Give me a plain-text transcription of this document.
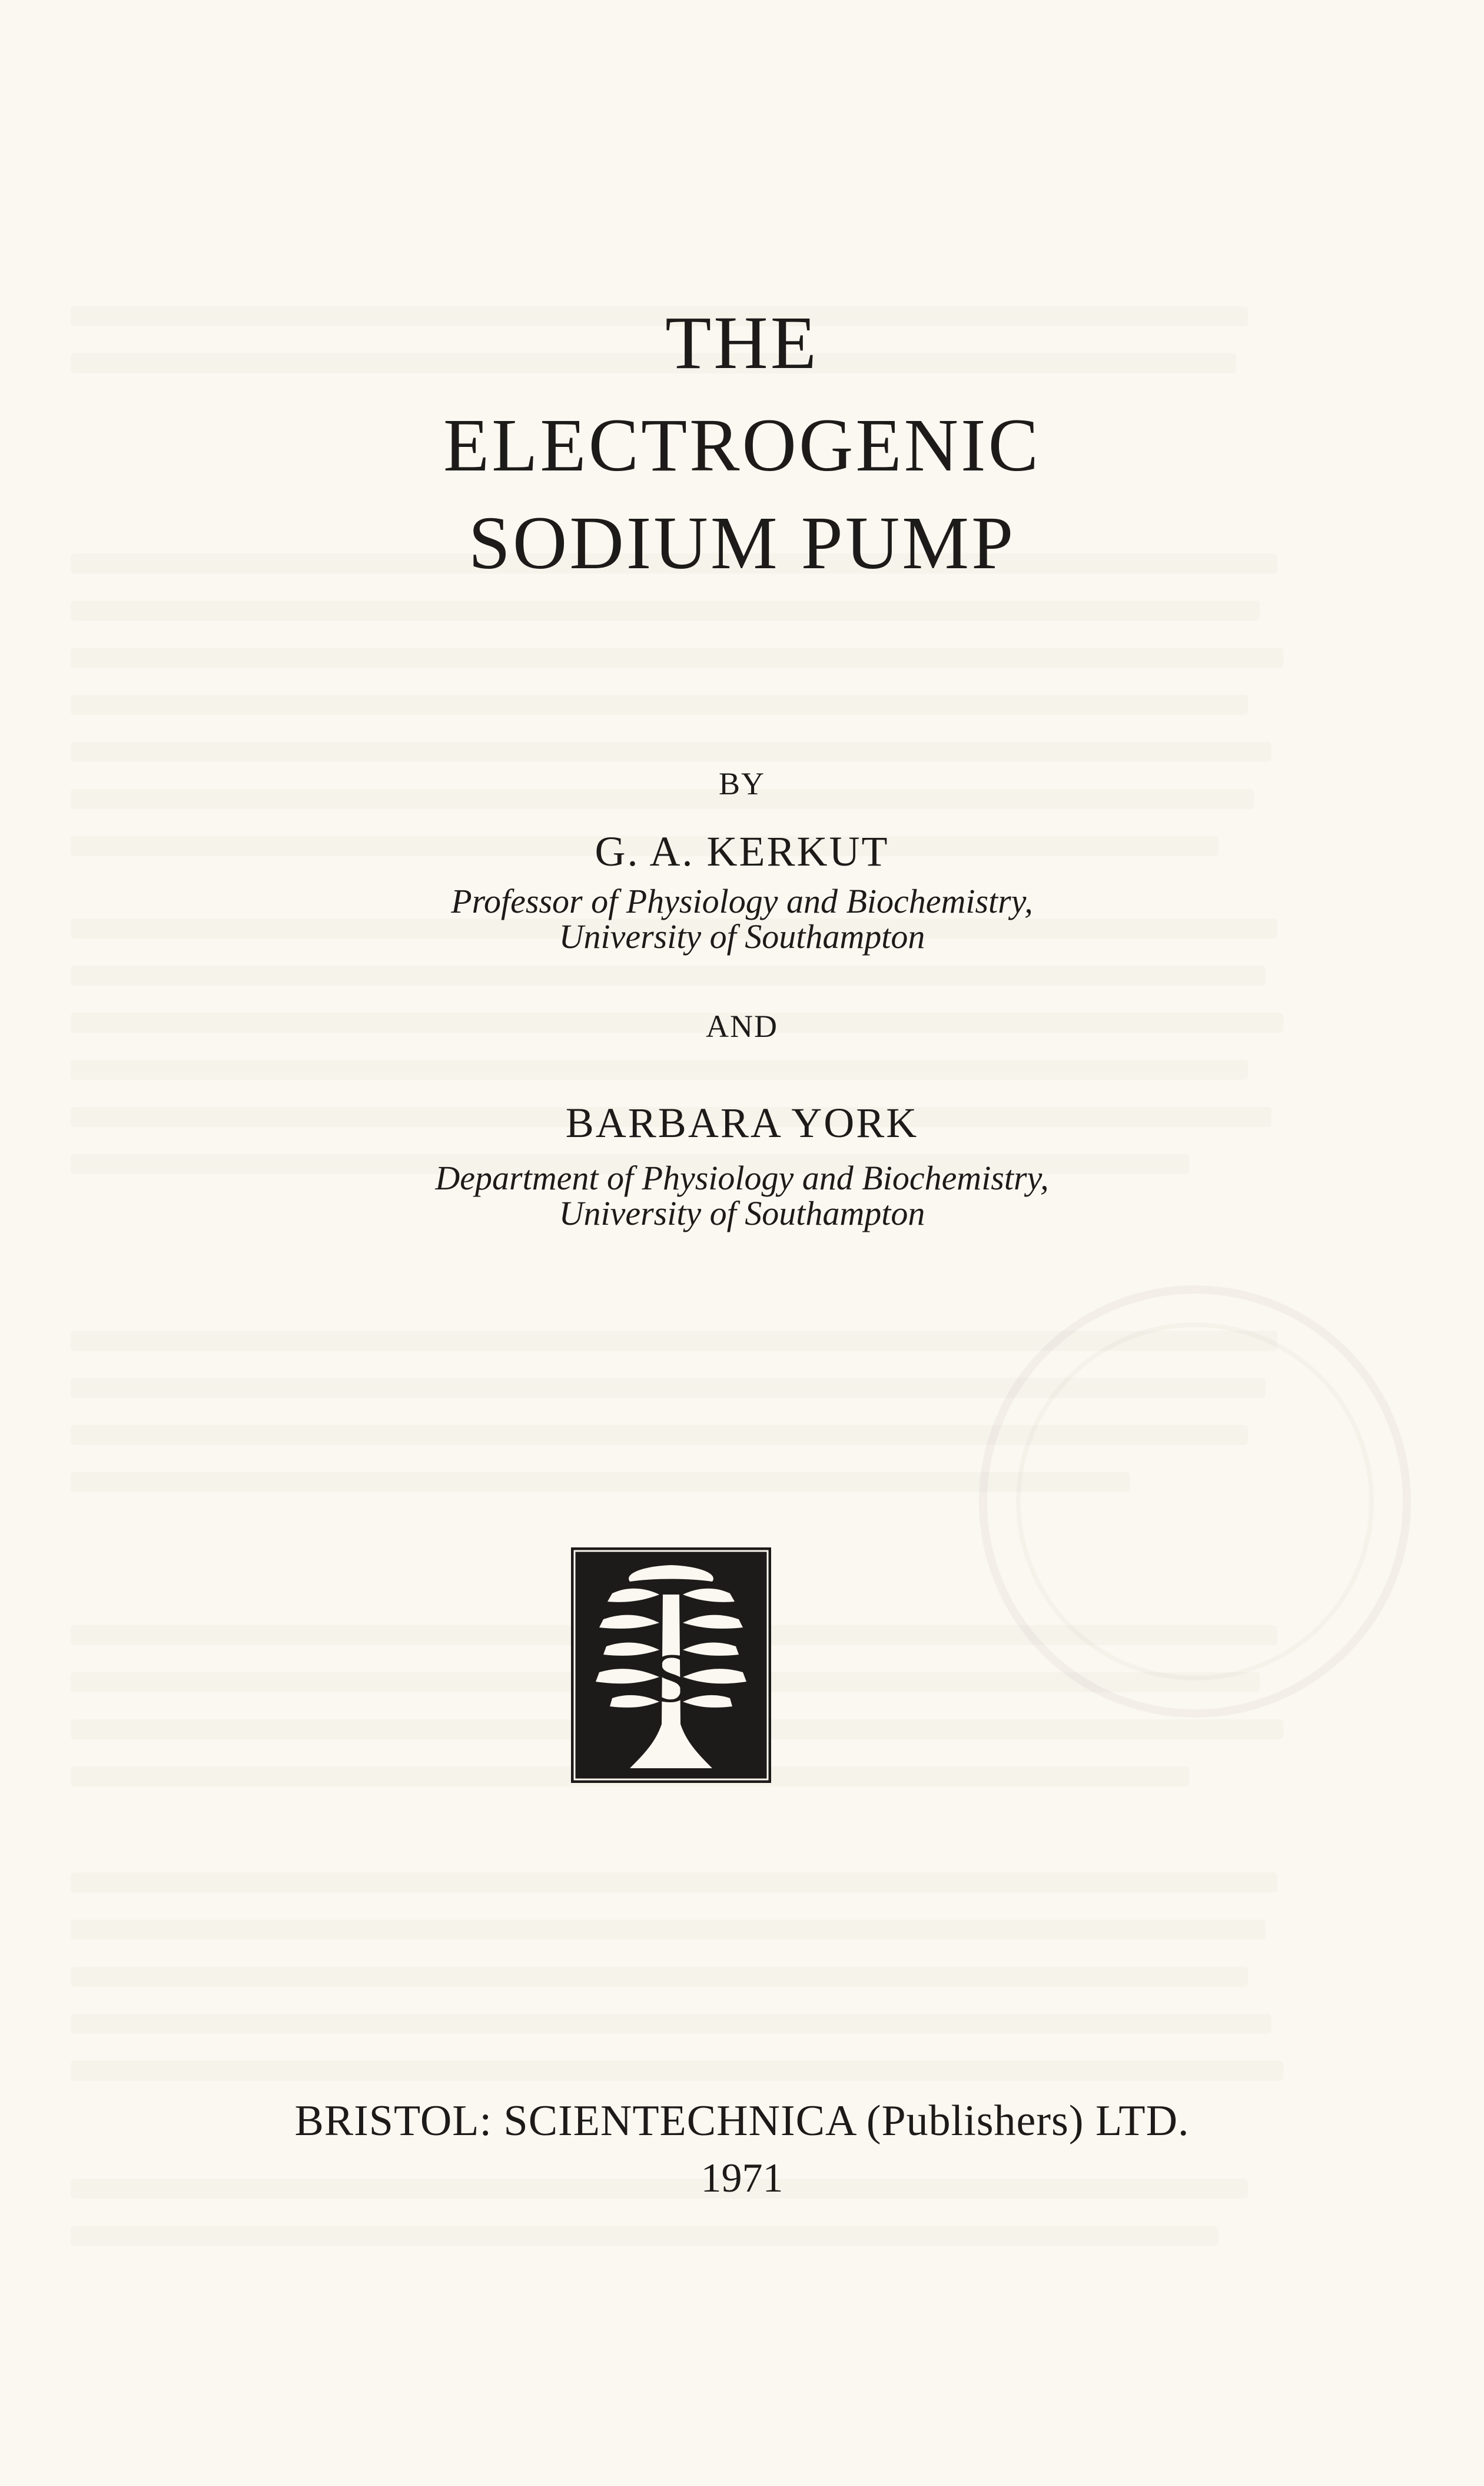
THE
ELECTROGENIC
SODIUM PUMP
BY
G. A. KERKUT
Professor of Physiology and Biochemistry,
University of Southampton
AND
BARBARA YORK
Department of Physiology and Biochemistry,
University of Southampton
S
BRISTOL: SCIENTECHNICA (Publishers) LTD.
1971
